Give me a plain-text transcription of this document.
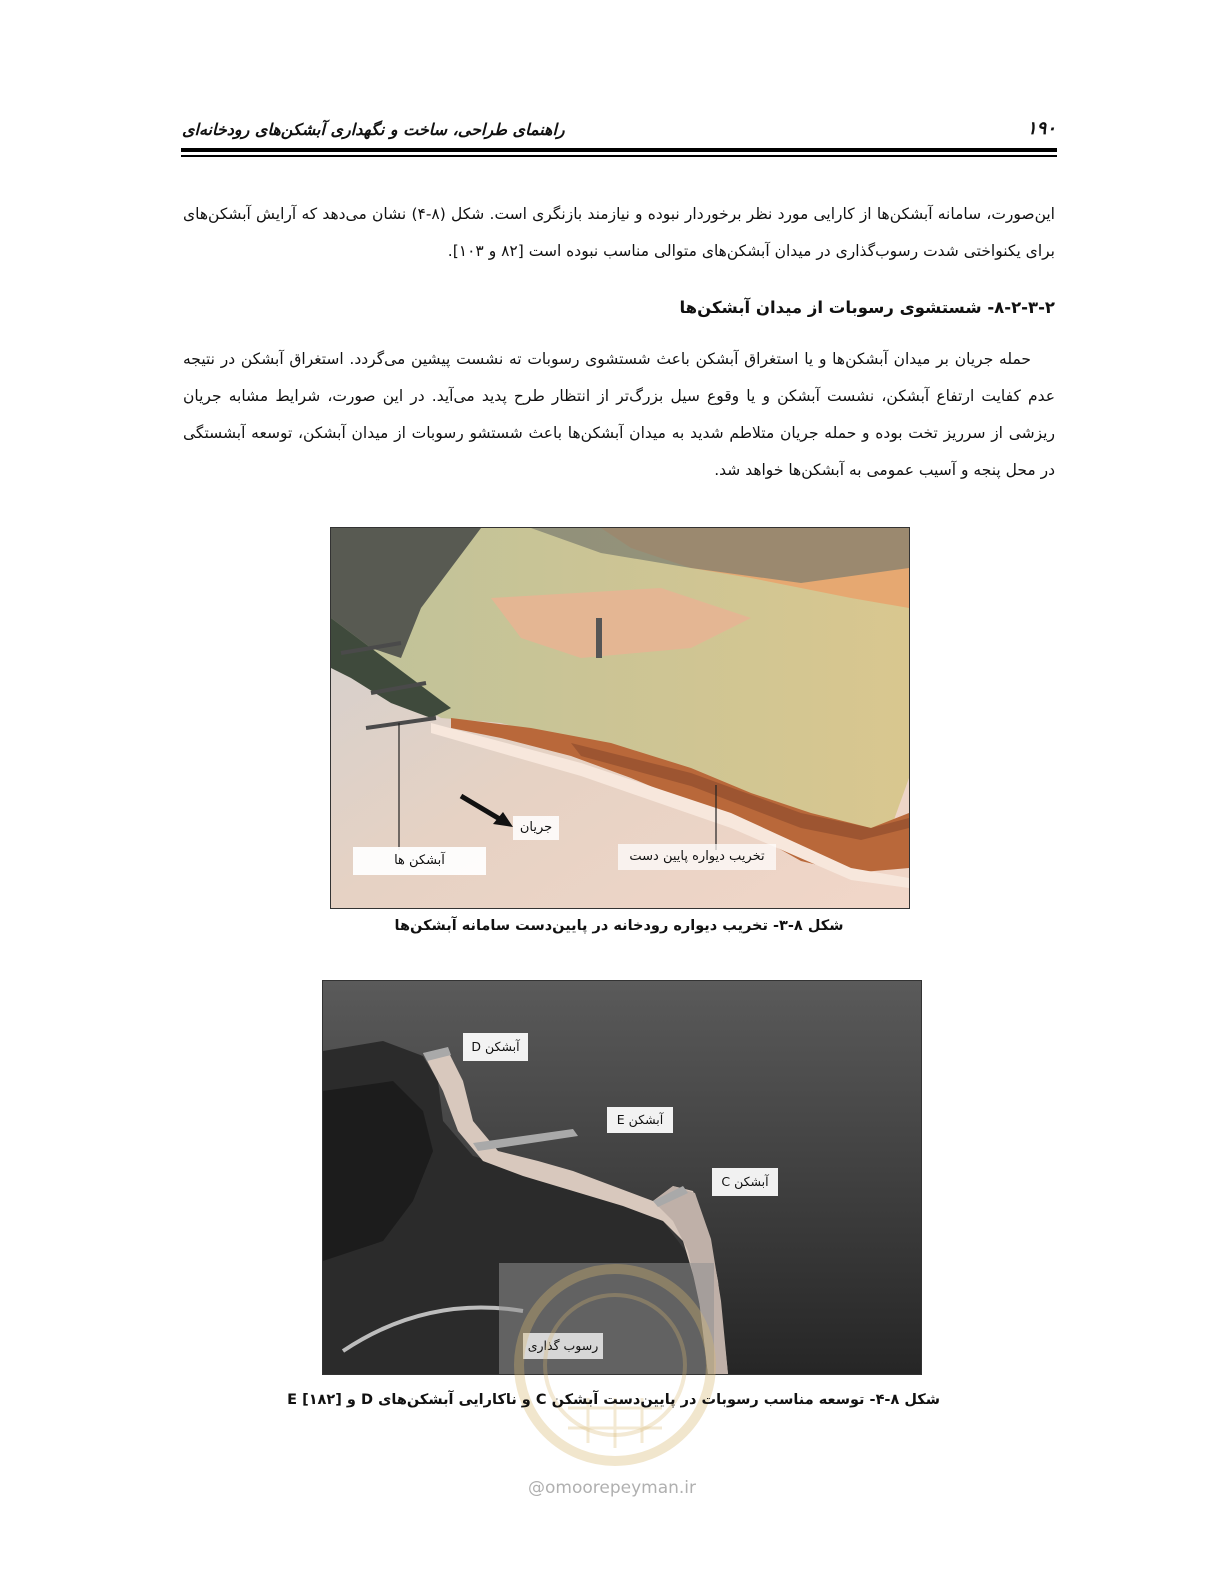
راهنمای طراحی، ساخت و نگهداری آبشکن‌های رودخانه‌ای	۱۹۰
این‌صورت، سامانه آبشکن‌ها از کارایی مورد نظر برخوردار نبوده و نیازمند بازنگری است. شکل (۸-۴) نشان می‌دهد که آرایش آبشکن‌های برای یکنواختی شدت رسوب‌گذاری در میدان آبشکن‌های متوالی مناسب نبوده است [۸۲ و ۱۰۳].
۸-۲-۳-۲- شستشوی رسوبات از میدان آبشکن‌ها
حمله جریان بر میدان آبشکن‌ها و یا استغراق آبشکن باعث شستشوی رسوبات ته نشست پیشین می‌گردد. استغراق آبشکن در نتیجه عدم کفایت ارتفاع آبشکن، نشست آبشکن و یا وقوع سیل بزرگ‌تر از انتظار طرح پدید می‌آید. در این صورت، شرایط مشابه جریان ریزشی از سرریز تخت بوده و حمله جریان متلاطم شدید به میدان آبشکن‌ها باعث شستشو رسوبات از میدان آبشکن، توسعه آبشستگی در محل پنجه و آسیب عمومی به آبشکن‌ها خواهد شد.
آبشکن ها
جریان
تخریب دیواره پایین دست
شکل ۸-۳- تخریب دیواره رودخانه در پایین‌دست سامانه آبشکن‌ها
آبشکن D
آبشکن E
آبشکن C
رسوب گذاری
شکل ۸-۴- توسعه مناسب رسوبات در پایین‌دست آبشکن C و ناکارایی آبشکن‌های D و E [۱۸۲]
@omoorepeyman.ir
